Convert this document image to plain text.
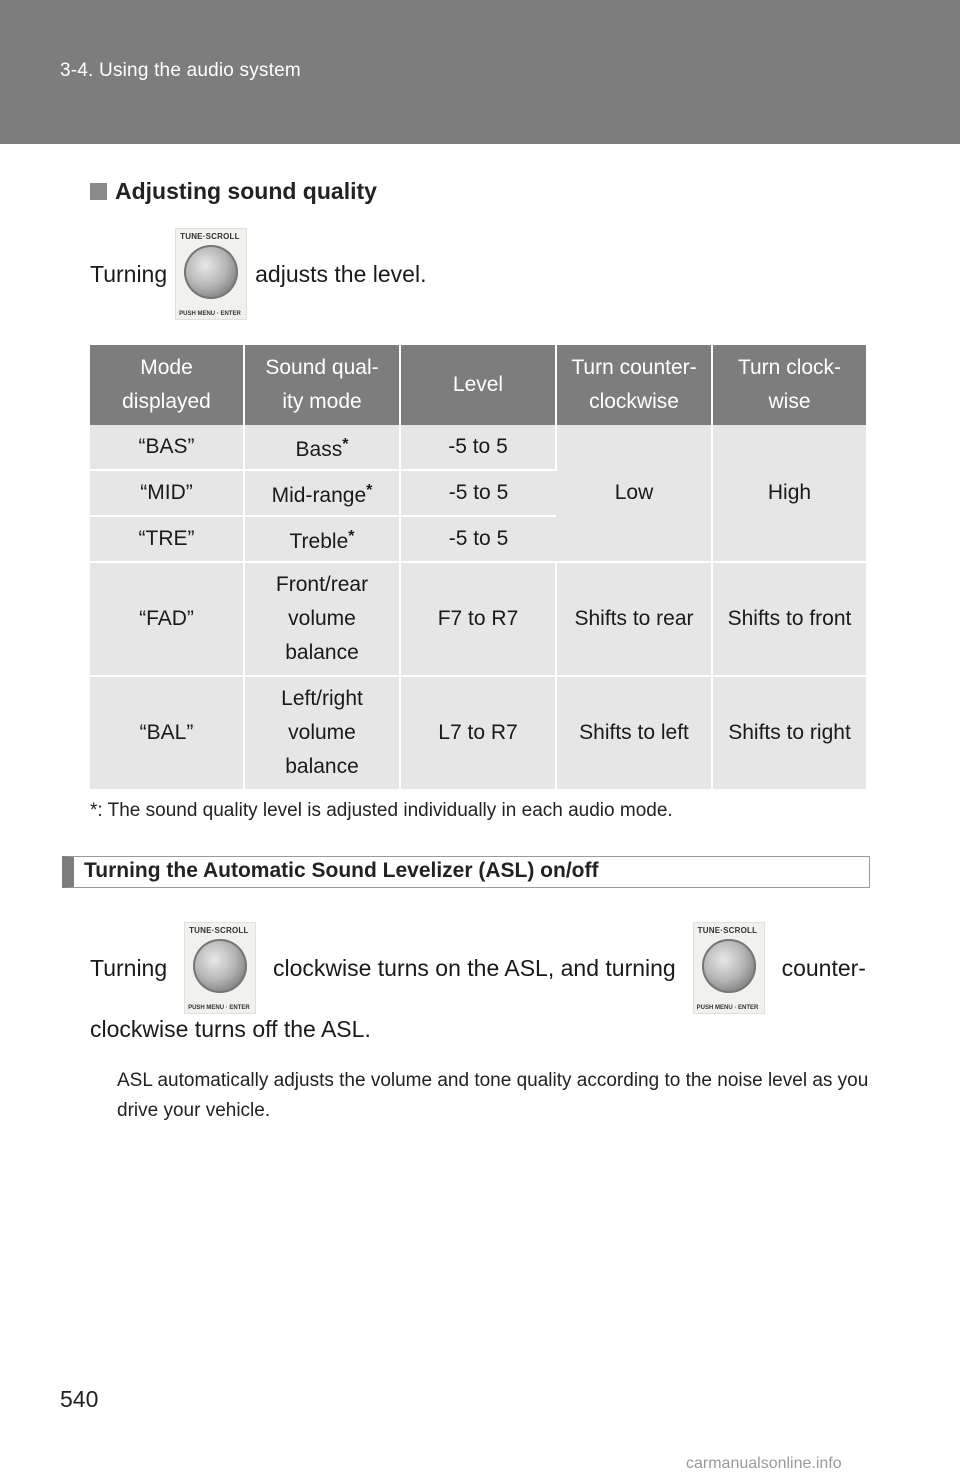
3-4. Using the audio system
Adjusting sound quality
Turning
TUNE·SCROLL
PUSH MENU · ENTER
adjusts the level.
Mode displayed	Sound qual- ity mode	Level	Turn counter- clockwise	Turn clock- wise
“BAS”	Bass*	-5 to 5	Low	High
“MID”	Mid-range*	-5 to 5		
“TRE”	Treble*	-5 to 5		
“FAD”	Front/rear volume balance	F7 to R7	Shifts to rear	Shifts to front
“BAL”	Left/right volume balance	L7 to R7	Shifts to left	Shifts to right
*: The sound quality level is adjusted individually in each audio mode.
Turning the Automatic Sound Levelizer (ASL) on/off
Turning
TUNE·SCROLL
PUSH MENU · ENTER
clockwise turns on the ASL, and turning
TUNE·SCROLL
PUSH MENU · ENTER
counter-
clockwise turns off the ASL.
ASL automatically adjusts the volume and tone quality according to the noise level as you drive your vehicle.
540
carmanualsonline.info
